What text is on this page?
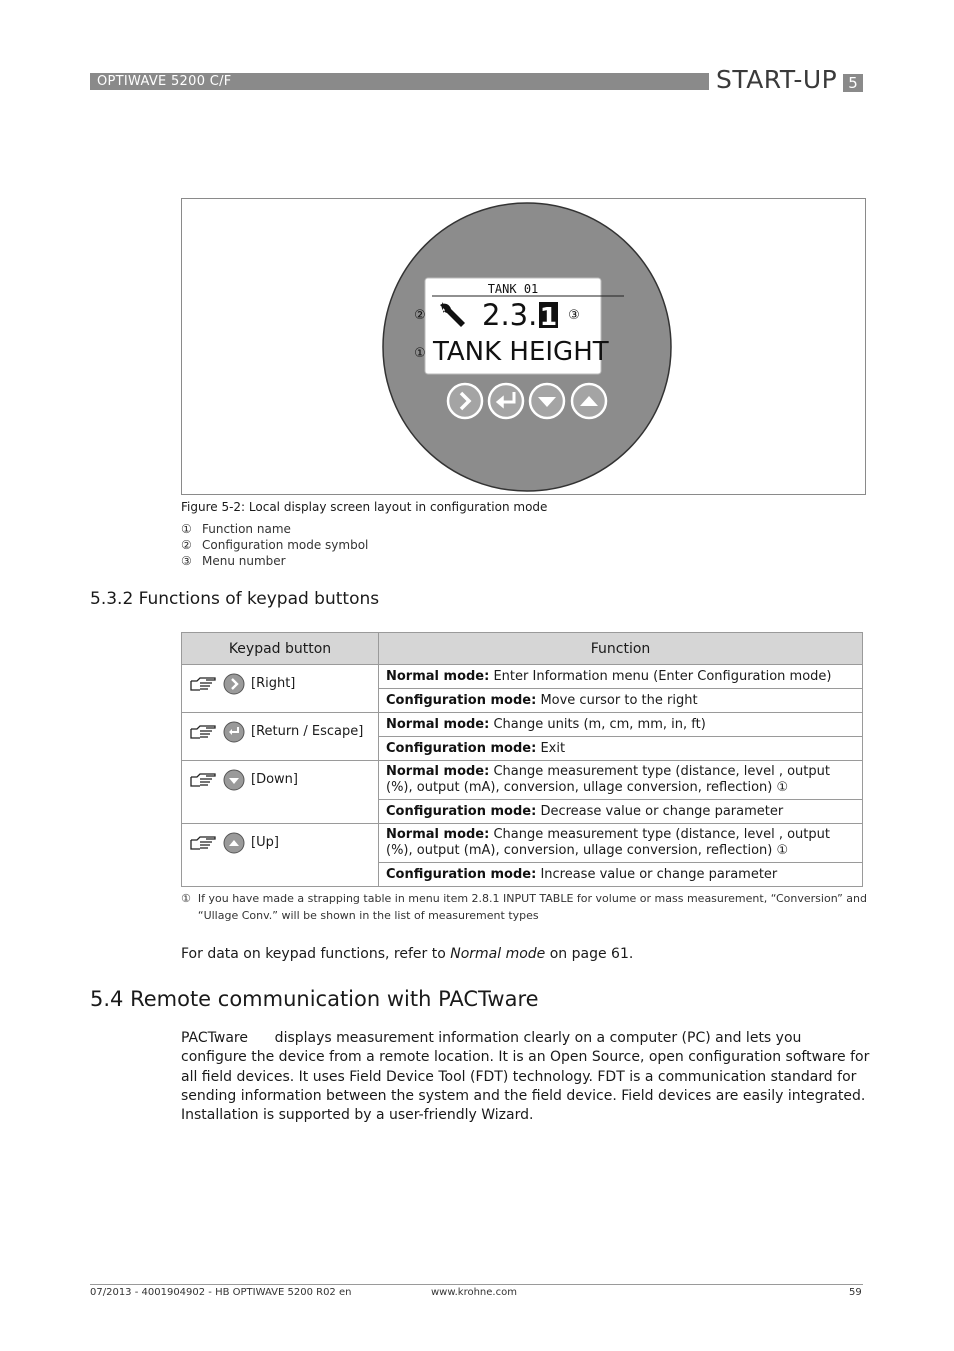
OPTIWAVE 5200 C/F	START-UP 5
TANK 01
② 2.3. 1 ③
① TANK HEIGHT
Figure 5-2: Local display screen layout in configuration mode
① Function name
② Configuration mode symbol
③ Menu number
5.3.2 Functions of keypad buttons
Keypad button	Function

[Right]	Normal mode: Enter Information menu (Enter Configuration mode)
	Configuration mode: Move cursor to the right

[Return / Escape]	Normal mode: Change units (m, cm, mm, in, ft)
	Configuration mode: Exit

[Down]	Normal mode: Change measurement type (distance, level , output (%), output (mA), conversion, ullage conversion, reflection) ①
	Configuration mode: Decrease value or change parameter

[Up]	Normal mode: Change measurement type (distance, level , output (%), output (mA), conversion, ullage conversion, reflection) ①
	Configuration mode: Increase value or change parameter
① If you have made a strapping table in menu item 2.8.1 INPUT TABLE for volume or mass measurement, “Conversion” and “Ullage Conv.” will be shown in the list of measurement types
For data on keypad functions, refer to Normal mode on page 61.
5.4 Remote communication with PACTware
PACTware      displays measurement information clearly on a computer (PC) and lets you configure the device from a remote location. It is an Open Source, open configuration software for all field devices. It uses Field Device Tool (FDT) technology. FDT is a communication standard for sending information between the system and the field device. Field devices are easily integrated. Installation is supported by a user-friendly Wizard.
07/2013 - 4001904902 - HB OPTIWAVE 5200 R02 en	www.krohne.com	59
